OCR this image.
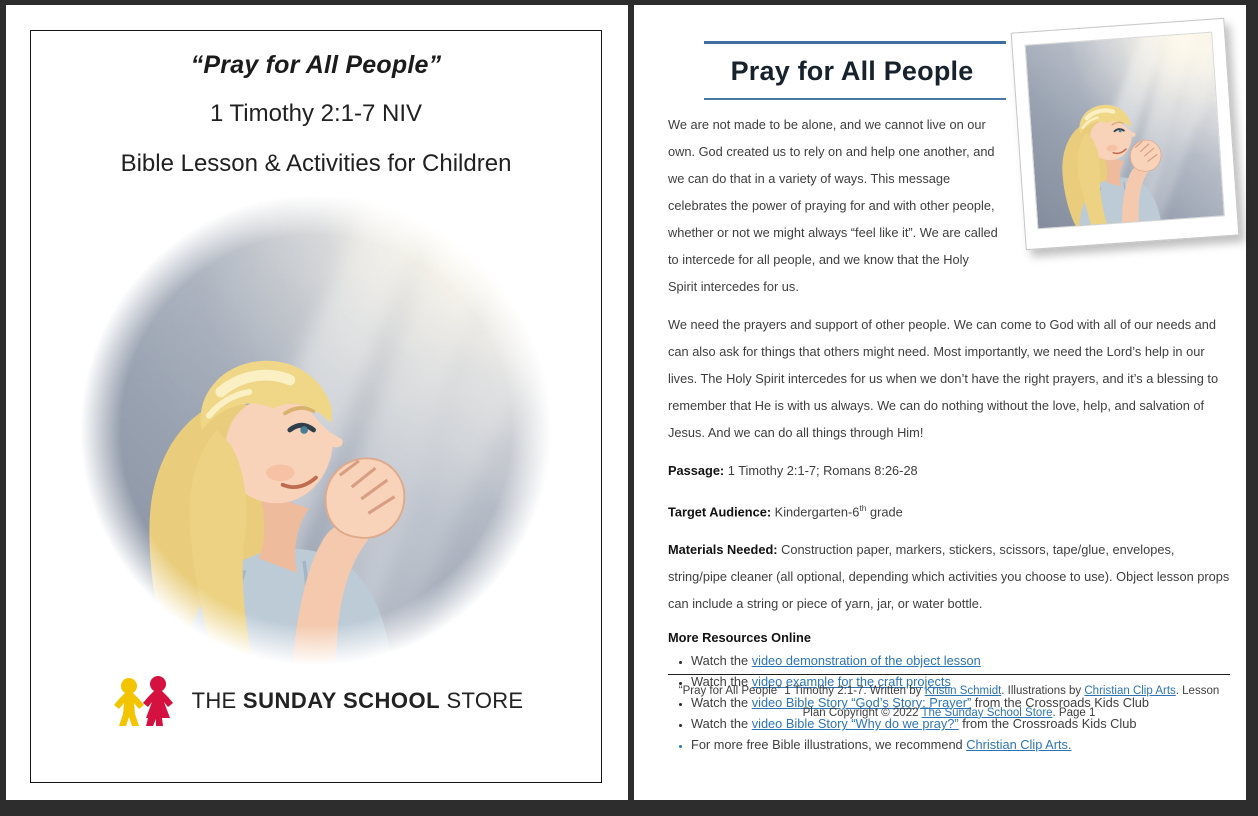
“Pray for All People”
1 Timothy 2:1-7 NIV
Bible Lesson & Activities for Children
THE SUNDAY SCHOOL STORE
Pray for All People

We are not made to be alone, and we cannot live on our own. God created us to rely on and help one another, and we can do that in a variety of ways. This message celebrates the power of praying for and with other people, whether or not we might always “feel like it”. We are called to intercede for all people, and we know that the Holy Spirit intercedes for us.

We need the prayers and support of other people. We can come to God with all of our needs and can also ask for things that others might need. Most importantly, we need the Lord’s help in our lives. The Holy Spirit intercedes for us when we don’t have the right prayers, and it’s a blessing to remember that He is with us always. We can do nothing without the love, help, and salvation of Jesus. And we can do all things through Him!

Passage: 1 Timothy 2:1-7; Romans 8:26-28

Target Audience: Kindergarten-6th grade

Materials Needed: Construction paper, markers, stickers, scissors, tape/glue, envelopes, string/pipe cleaner (all optional, depending which activities you choose to use). Object lesson props can include a string or piece of yarn, jar, or water bottle.

More Resources Online

• Watch the video demonstration of the object lesson
• Watch the video example for the craft projects
• Watch the video Bible Story “God’s Story: Prayer” from the Crossroads Kids Club
• Watch the video Bible Story “Why do we pray?” from the Crossroads Kids Club
• For more free Bible illustrations, we recommend Christian Clip Arts.
“Pray for All People” 1 Timothy 2:1-7. Written by Kristin Schmidt. Illustrations by Christian Clip Arts. Lesson Plan Copyright © 2022 The Sunday School Store. Page 1
